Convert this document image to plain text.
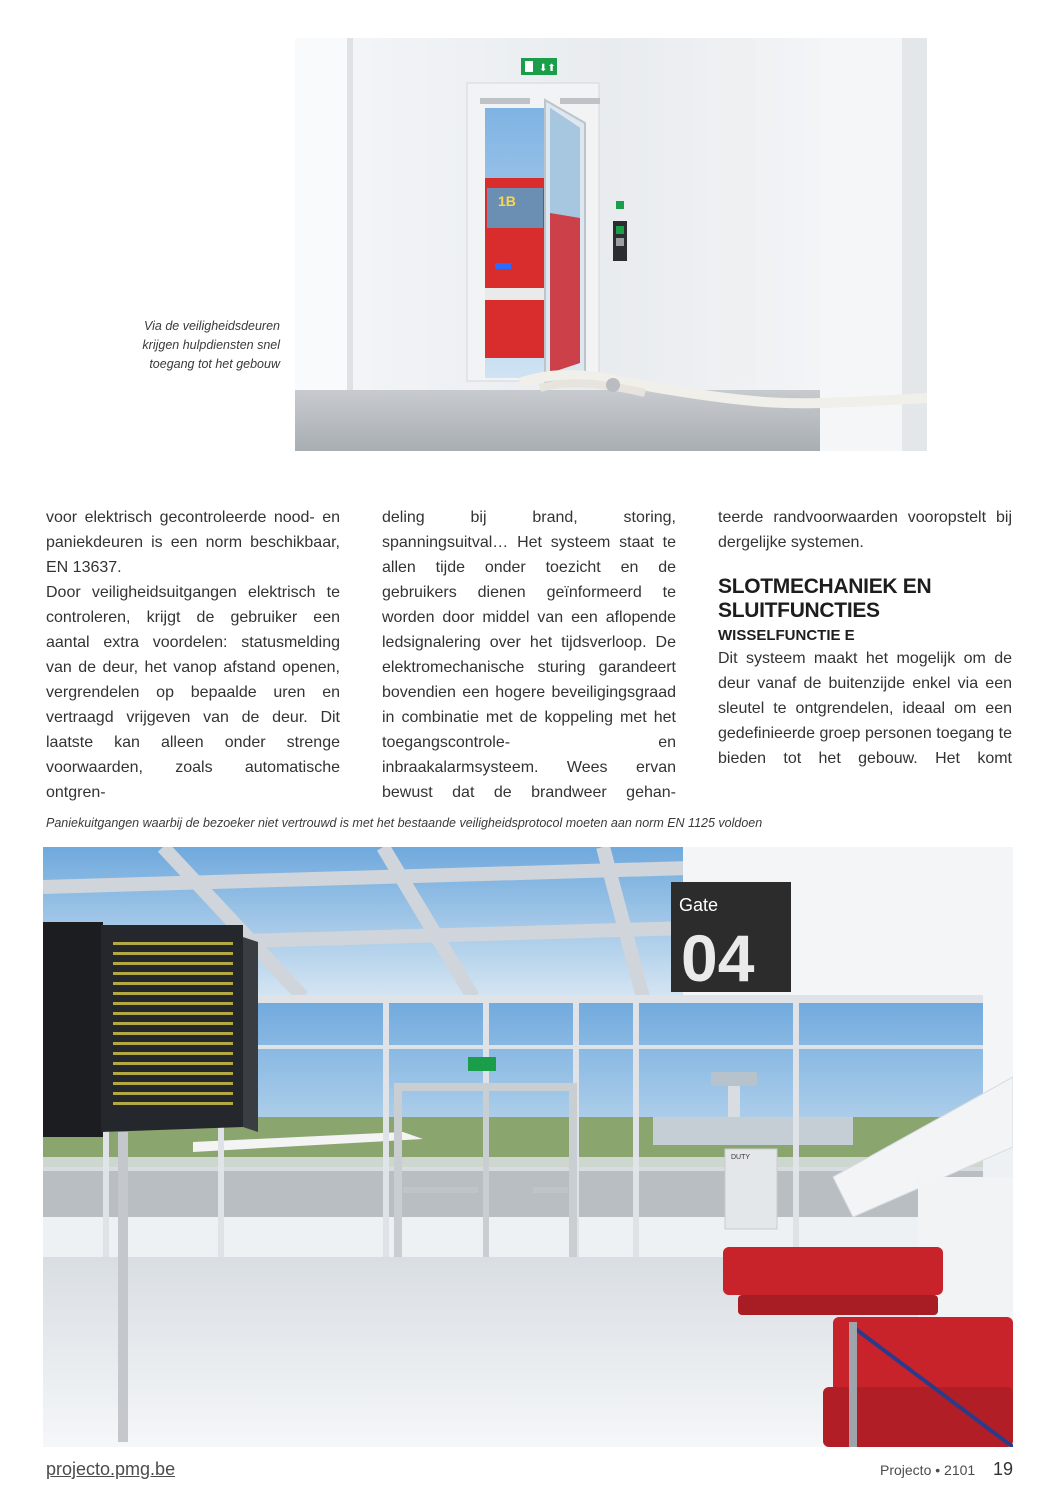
1B
⬇⬆
Via de veiligheidsdeuren
krijgen hulpdiensten snel
toegang tot het gebouw

voor elektrisch gecontroleerde nood- en paniekdeuren is een norm beschikbaar, EN 13637.

Door veiligheidsuitgangen elektrisch te controleren, krijgt de gebruiker een aantal extra voordelen: statusmelding van de deur, het vanop afstand openen, vergrendelen op bepaalde uren en vertraagd vrijgeven van de deur. Dit laatste kan alleen onder strenge voorwaarden, zoals automatische ontgren-

deling bij brand, storing, spanningsuitval… Het systeem staat te allen tijde onder toezicht en de gebruikers dienen geïnformeerd te worden door middel van een aflopende ledsignalering over het tijdsverloop. De elektromechanische sturing garandeert bovendien een hogere beveiligingsgraad in combinatie met de koppeling met het toegangscontrole- en inbraakalarmsysteem. Wees ervan bewust dat de brandweer gehan-

teerde randvoorwaarden vooropstelt bij dergelijke systemen.

SLOTMECHANIEK EN SLUITFUNCTIES
WISSELFUNCTIE E

Dit systeem maakt het mogelijk om de deur vanaf de buitenzijde enkel via een sleutel te ontgrendelen, ideaal om een gedefinieerde groep personen toegang te bieden tot het gebouw. Het komt

Paniekuitgangen waarbij de bezoeker niet vertrouwd is met het bestaande veiligheidsprotocol moeten aan norm EN 1125 voldoen
Gate
04
DUTY
projecto.pmg.be	Projecto • 2101 19
